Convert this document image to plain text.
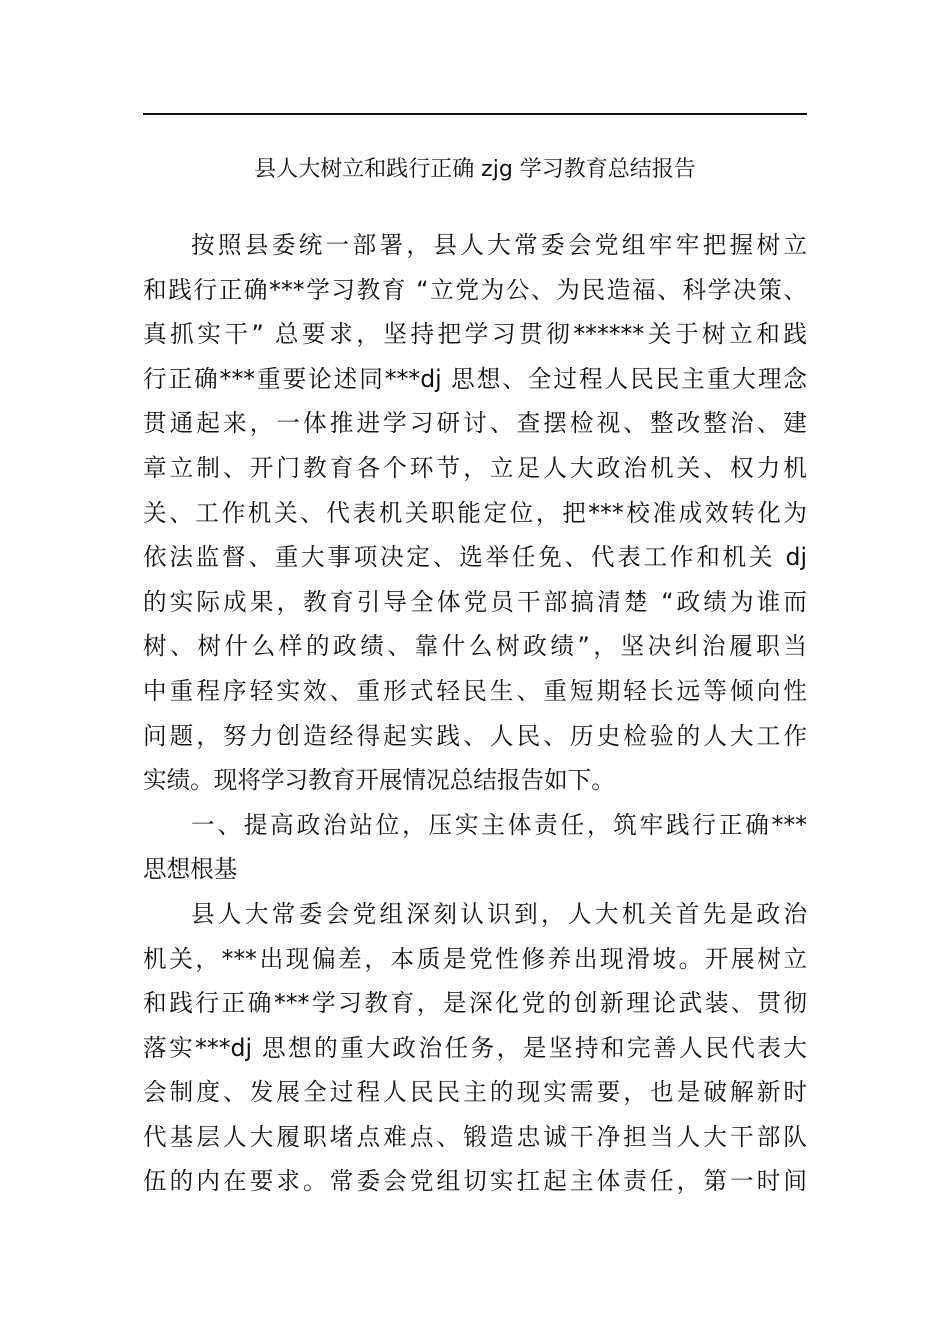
县人大树立和践行正确 zjg 学习教育总结报告
按照县委统一部署，县人大常委会党组牢牢把握树立
和践行正确***学习教育 “立党为公、为民造福、科学决策、
真抓实干” 总要求，坚持把学习贯彻******关于树立和践
行正确***重要论述同***dj 思想、全过程人民民主重大理念
贯通起来，一体推进学习研讨、查摆检视、整改整治、建
章立制、开门教育各个环节，立足人大政治机关、权力机
关、工作机关、代表机关职能定位，把***校准成效转化为
依法监督、重大事项决定、选举任免、代表工作和机关 dj
的实际成果，教育引导全体党员干部搞清楚 “政绩为谁而
树、树什么样的政绩、靠什么树政绩”，坚决纠治履职当
中重程序轻实效、重形式轻民生、重短期轻长远等倾向性
问题，努力创造经得起实践、人民、历史检验的人大工作
实绩。现将学习教育开展情况总结报告如下。
一、提高政治站位，压实主体责任，筑牢践行正确***
思想根基
县人大常委会党组深刻认识到，人大机关首先是政治
机关，***出现偏差，本质是党性修养出现滑坡。开展树立
和践行正确***学习教育，是深化党的创新理论武装、贯彻
落实***dj 思想的重大政治任务，是坚持和完善人民代表大
会制度、发展全过程人民民主的现实需要，也是破解新时
代基层人大履职堵点难点、锻造忠诚干净担当人大干部队
伍的内在要求。常委会党组切实扛起主体责任，第一时间
